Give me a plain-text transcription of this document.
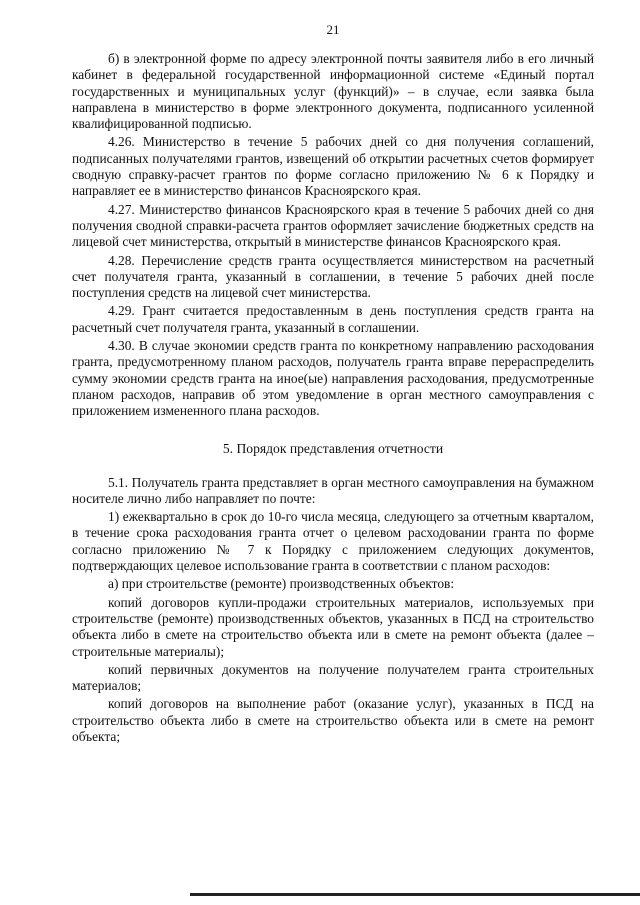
21

б) в электронной форме по адресу электронной почты заявителя либо в его личный кабинет в федеральной государственной информационной системе «Единый портал государственных и муниципальных услуг (функций)» – в случае, если заявка была направлена в министерство в форме электронного документа, подписанного усиленной квалифицированной подписью.

4.26. Министерство в течение 5 рабочих дней со дня получения соглашений, подписанных получателями грантов, извещений об открытии расчетных счетов формирует сводную справку-расчет грантов по форме согласно приложению № 6 к Порядку и направляет ее в министерство финансов Красноярского края.

4.27. Министерство финансов Красноярского края в течение 5 рабочих дней со дня получения сводной справки-расчета грантов оформляет зачисление бюджетных средств на лицевой счет министерства, открытый в министерстве финансов Красноярского края.

4.28. Перечисление средств гранта осуществляется министерством на расчетный счет получателя гранта, указанный в соглашении, в течение 5 рабочих дней после поступления средств на лицевой счет министерства.

4.29. Грант считается предоставленным в день поступления средств гранта на расчетный счет получателя гранта, указанный в соглашении.

4.30. В случае экономии средств гранта по конкретному направлению расходования гранта, предусмотренному планом расходов, получатель гранта вправе перераспределить сумму экономии средств гранта на иное(ые) направления расходования, предусмотренные планом расходов, направив об этом уведомление в орган местного самоуправления с приложением измененного плана расходов.

5. Порядок представления отчетности

5.1. Получатель гранта представляет в орган местного самоуправления на бумажном носителе лично либо направляет по почте:

1) ежеквартально в срок до 10-го числа месяца, следующего за отчетным кварталом, в течение срока расходования гранта отчет о целевом расходовании гранта по форме согласно приложению № 7 к Порядку с приложением следующих документов, подтверждающих целевое использование гранта в соответствии с планом расходов:

а) при строительстве (ремонте) производственных объектов:

копий договоров купли-продажи строительных материалов, используемых при строительстве (ремонте) производственных объектов, указанных в ПСД на строительство объекта либо в смете на строительство объекта или в смете на ремонт объекта (далее – строительные материалы);

копий первичных документов на получение получателем гранта строительных материалов;

копий договоров на выполнение работ (оказание услуг), указанных в ПСД на строительство объекта либо в смете на строительство объекта или в смете на ремонт объекта;
